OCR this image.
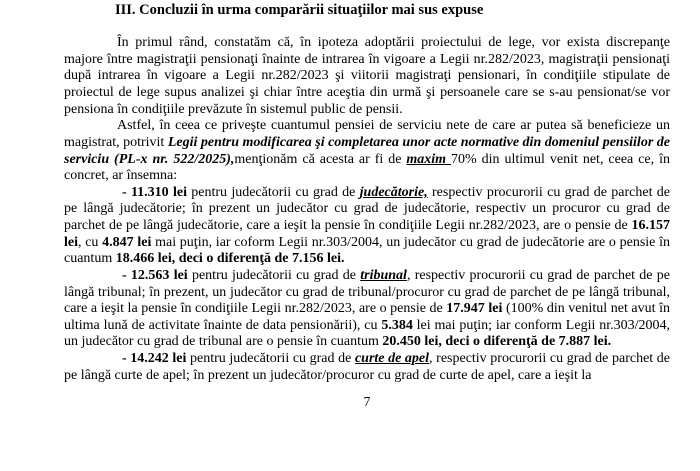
III. Concluzii în urma comparării situaţiilor mai sus expuse

În primul rând, constatăm că, în ipoteza adoptării proiectului de lege, vor exista discrepanţe majore între magistraţii pensionaţi înainte de intrarea în vigoare a Legii nr.282/2023, magistraţii pensionaţi după intrarea în vigoare a Legii nr.282/2023 şi viitorii magistraţi pensionari, în condiţiile stipulate de proiectul de lege supus analizei şi chiar între aceştia din urmă şi persoanele care se s-au pensionat/se vor pensiona în condiţiile prevăzute în sistemul public de pensii.

Astfel, în ceea ce priveşte cuantumul pensiei de serviciu nete de care ar putea să beneficieze un magistrat, potrivit Legii pentru modificarea şi completarea unor acte normative din domeniul pensiilor de serviciu (PL-x nr. 522/2025),menţionăm că acesta ar fi de maxim 70% din ultimul venit net, ceea ce, în concret, ar însemna:

- 11.310 lei pentru judecătorii cu grad de judecătorie, respectiv procurorii cu grad de parchet de pe lângă judecătorie; în prezent un judecător cu grad de judecătorie, respectiv un procuror cu grad de parchet de pe lângă judecătorie, care a ieşit la pensie în condiţiile Legii nr.282/2023, are o pensie de 16.157 lei, cu 4.847 lei mai puţin, iar coform Legii nr.303/2004, un judecător cu grad de judecătorie are o pensie în cuantum 18.466 lei, deci o diferenţă de 7.156 lei.

- 12.563 lei pentru judecătorii cu grad de tribunal, respectiv procurorii cu grad de parchet de pe lângă tribunal; în prezent, un judecător cu grad de tribunal/procuror cu grad de parchet de pe lângă tribunal, care a ieşit la pensie în condiţiile Legii nr.282/2023, are o pensie de 17.947 lei (100% din venitul net avut în ultima lună de activitate înainte de data pensionării), cu 5.384 lei mai puţin; iar conform Legii nr.303/2004, un judecător cu grad de tribunal are o pensie în cuantum 20.450 lei, deci o diferenţă de 7.887 lei.

- 14.242 lei pentru judecătorii cu grad de curte de apel, respectiv procurorii cu grad de parchet de pe lângă curte de apel; în prezent un judecător/procuror cu grad de curte de apel, care a ieşit la

7
